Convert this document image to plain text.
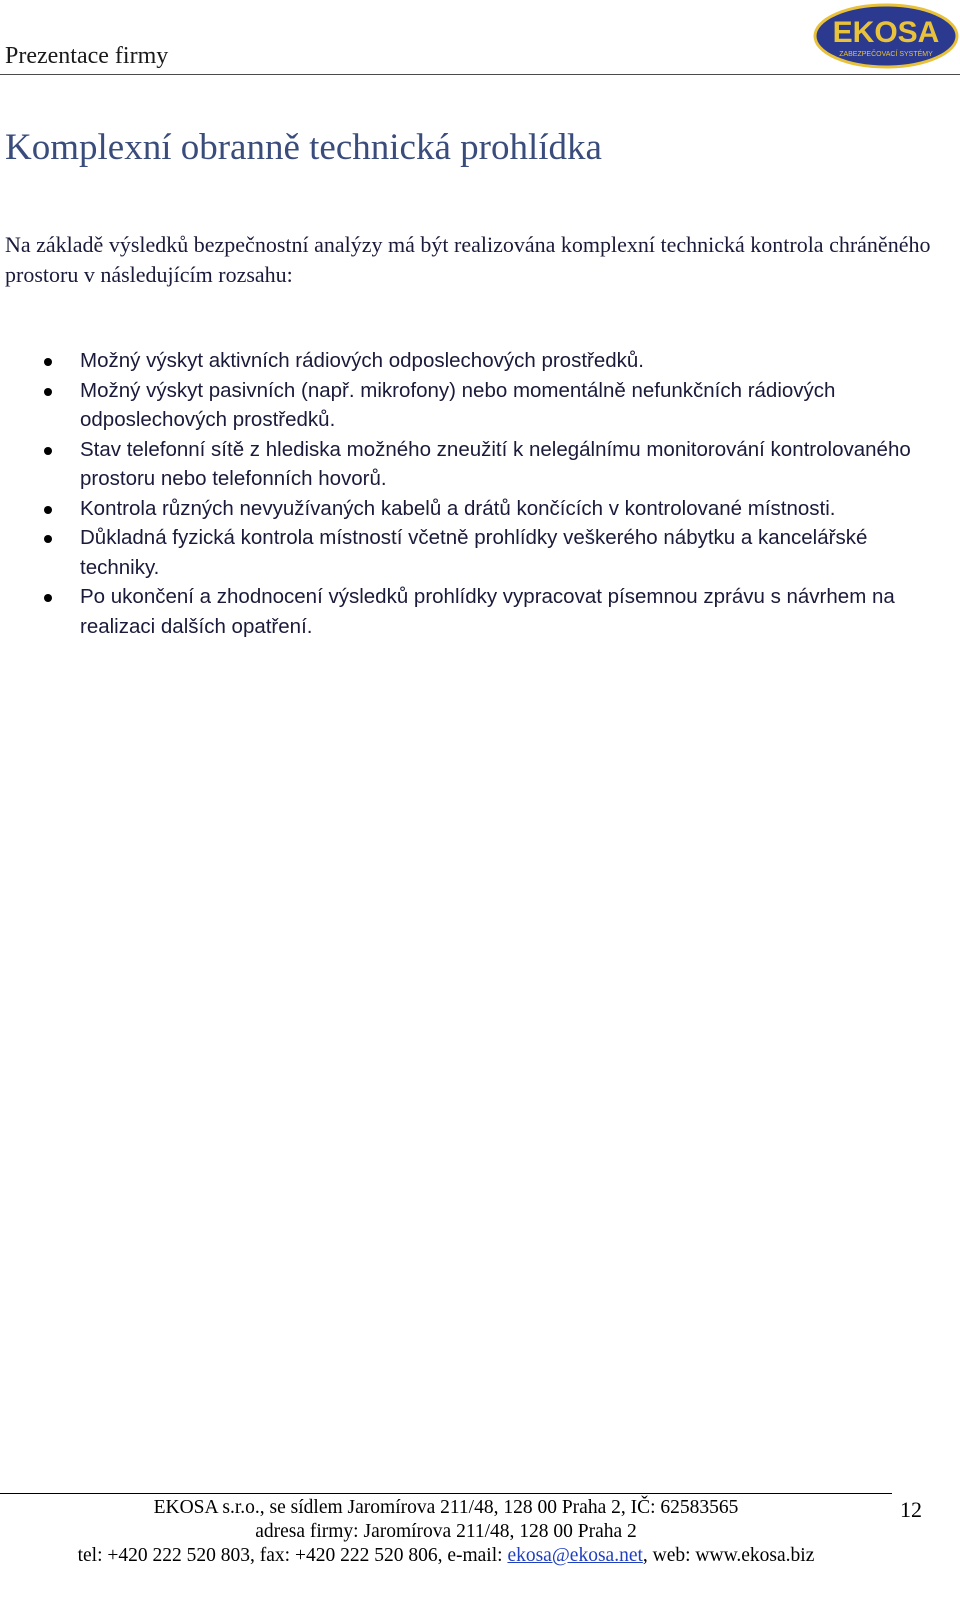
Prezentace firmy
EKOSA
ZABEZPEČOVACÍ SYSTÉMY
Komplexní obranně technická prohlídka

Na základě výsledků bezpečnostní analýzy má být realizována komplexní technická kontrola chráněného prostoru v následujícím rozsahu:

Možný výskyt aktivních rádiových odposlechových prostředků.
Možný výskyt pasivních (např. mikrofony) nebo momentálně nefunkčních rádiových odposlechových prostředků.
Stav telefonní sítě z hlediska možného zneužití k nelegálnímu monitorování kontrolovaného prostoru nebo telefonních hovorů.
Kontrola různých nevyužívaných kabelů a drátů končících v kontrolované místnosti.
Důkladná fyzická kontrola místností včetně prohlídky veškerého nábytku a kancelářské techniky.
Po ukončení a zhodnocení výsledků prohlídky vypracovat písemnou zprávu s návrhem na realizaci dalších opatření.
EKOSA s.r.o., se sídlem Jaromírova 211/48, 128 00 Praha 2, IČ: 62583565
adresa firmy: Jaromírova 211/48, 128 00 Praha 2
tel: +420 222 520 803, fax: +420 222 520 806, e-mail: ekosa@ekosa.net, web: www.ekosa.biz
12
